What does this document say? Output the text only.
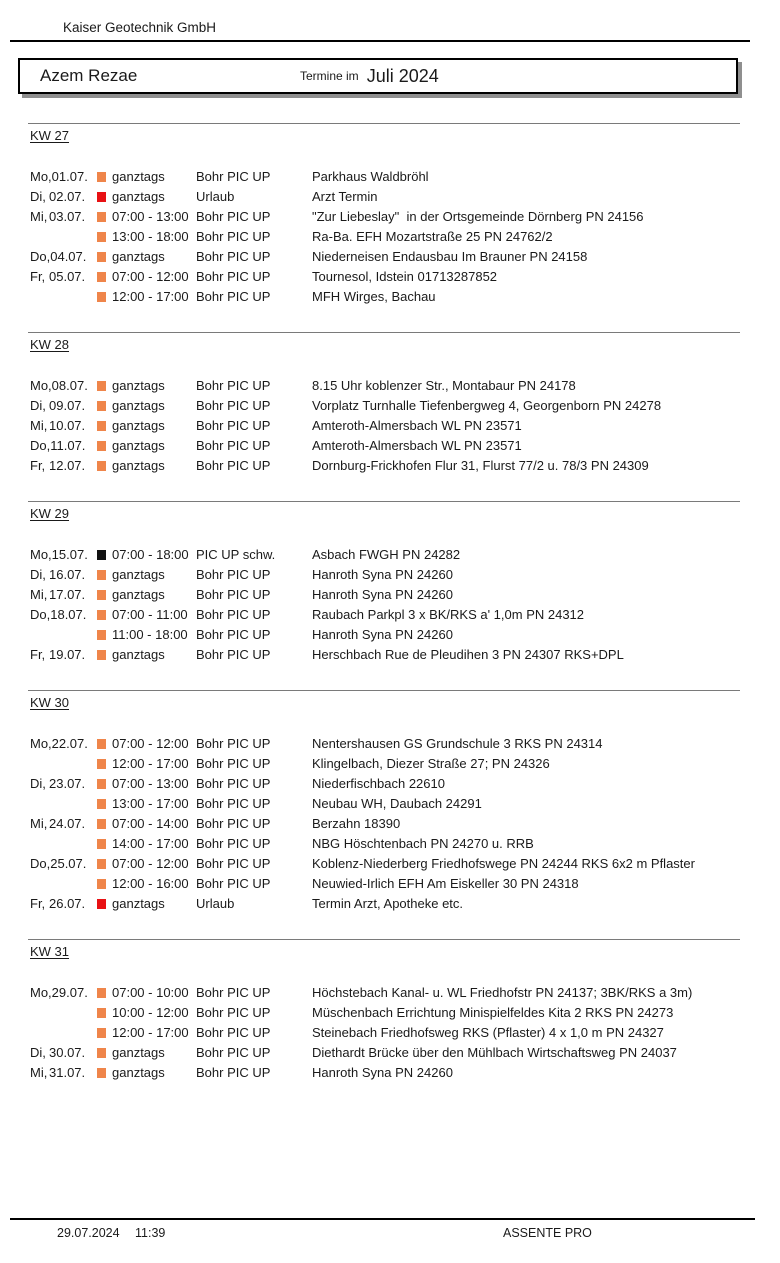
Kaiser Geotechnik GmbH
Azem Rezae	Termine im Juli 2024
KW 27
Mo,01.07.	ganztags	Bohr PIC UP	Parkhaus Waldbröhl
Di, 02.07.	ganztags	Urlaub	Arzt Termin
Mi, 03.07.	07:00 - 13:00 Bohr PIC UP	"Zur Liebeslay"  in der Ortsgemeinde Dörnberg PN 24156
13:00 - 18:00 Bohr PIC UP	Ra-Ba. EFH Mozartstraße 25 PN 24762/2
Do,04.07.	ganztags	Bohr PIC UP	Niederneisen Endausbau Im Brauner PN 24158
Fr, 05.07.	07:00 - 12:00 Bohr PIC UP	Tournesol, Idstein 01713287852
12:00 - 17:00 Bohr PIC UP	MFH Wirges, Bachau
KW 28
Mo,08.07.	ganztags	Bohr PIC UP	8.15 Uhr koblenzer Str., Montabaur PN 24178
Di, 09.07.	ganztags	Bohr PIC UP	Vorplatz Turnhalle Tiefenbergweg 4, Georgenborn PN 24278
Mi, 10.07.	ganztags	Bohr PIC UP	Amteroth-Almersbach WL PN 23571
Do,11.07.	ganztags	Bohr PIC UP	Amteroth-Almersbach WL PN 23571
Fr, 12.07.	ganztags	Bohr PIC UP	Dornburg-Frickhofen Flur 31, Flurst 77/2 u. 78/3 PN 24309
KW 29
Mo,15.07.	07:00 - 18:00 PIC UP schw.	Asbach FWGH PN 24282
Di, 16.07.	ganztags	Bohr PIC UP	Hanroth Syna PN 24260
Mi, 17.07.	ganztags	Bohr PIC UP	Hanroth Syna PN 24260
Do,18.07.	07:00 - 11:00 Bohr PIC UP	Raubach Parkpl 3 x BK/RKS a' 1,0m PN 24312
11:00 - 18:00 Bohr PIC UP	Hanroth Syna PN 24260
Fr, 19.07.	ganztags	Bohr PIC UP	Herschbach Rue de Pleudihen 3 PN 24307 RKS+DPL
KW 30
Mo,22.07.	07:00 - 12:00 Bohr PIC UP	Nentershausen GS Grundschule 3 RKS PN 24314
12:00 - 17:00 Bohr PIC UP	Klingelbach, Diezer Straße 27; PN 24326
Di, 23.07.	07:00 - 13:00 Bohr PIC UP	Niederfischbach 22610
13:00 - 17:00 Bohr PIC UP	Neubau WH, Daubach 24291
Mi, 24.07.	07:00 - 14:00 Bohr PIC UP	Berzahn 18390
14:00 - 17:00 Bohr PIC UP	NBG Höschtenbach PN 24270 u. RRB
Do,25.07.	07:00 - 12:00 Bohr PIC UP	Koblenz-Niederberg Friedhofswege PN 24244 RKS 6x2 m Pflaster
12:00 - 16:00 Bohr PIC UP	Neuwied-Irlich EFH Am Eiskeller 30 PN 24318
Fr, 26.07.	ganztags	Urlaub	Termin Arzt, Apotheke etc.
KW 31
Mo,29.07.	07:00 - 10:00 Bohr PIC UP	Höchstebach Kanal- u. WL Friedhofstr PN 24137; 3BK/RKS a 3m)
10:00 - 12:00 Bohr PIC UP	Müschenbach Errichtung Minispielfeldes Kita 2 RKS PN 24273
12:00 - 17:00 Bohr PIC UP	Steinebach Friedhofsweg RKS (Pflaster) 4 x 1,0 m PN 24327
Di, 30.07.	ganztags	Bohr PIC UP	Diethardt Brücke über den Mühlbach Wirtschaftsweg PN 24037
Mi, 31.07.	ganztags	Bohr PIC UP	Hanroth Syna PN 24260
29.07.2024 11:39	ASSENTE PRO
